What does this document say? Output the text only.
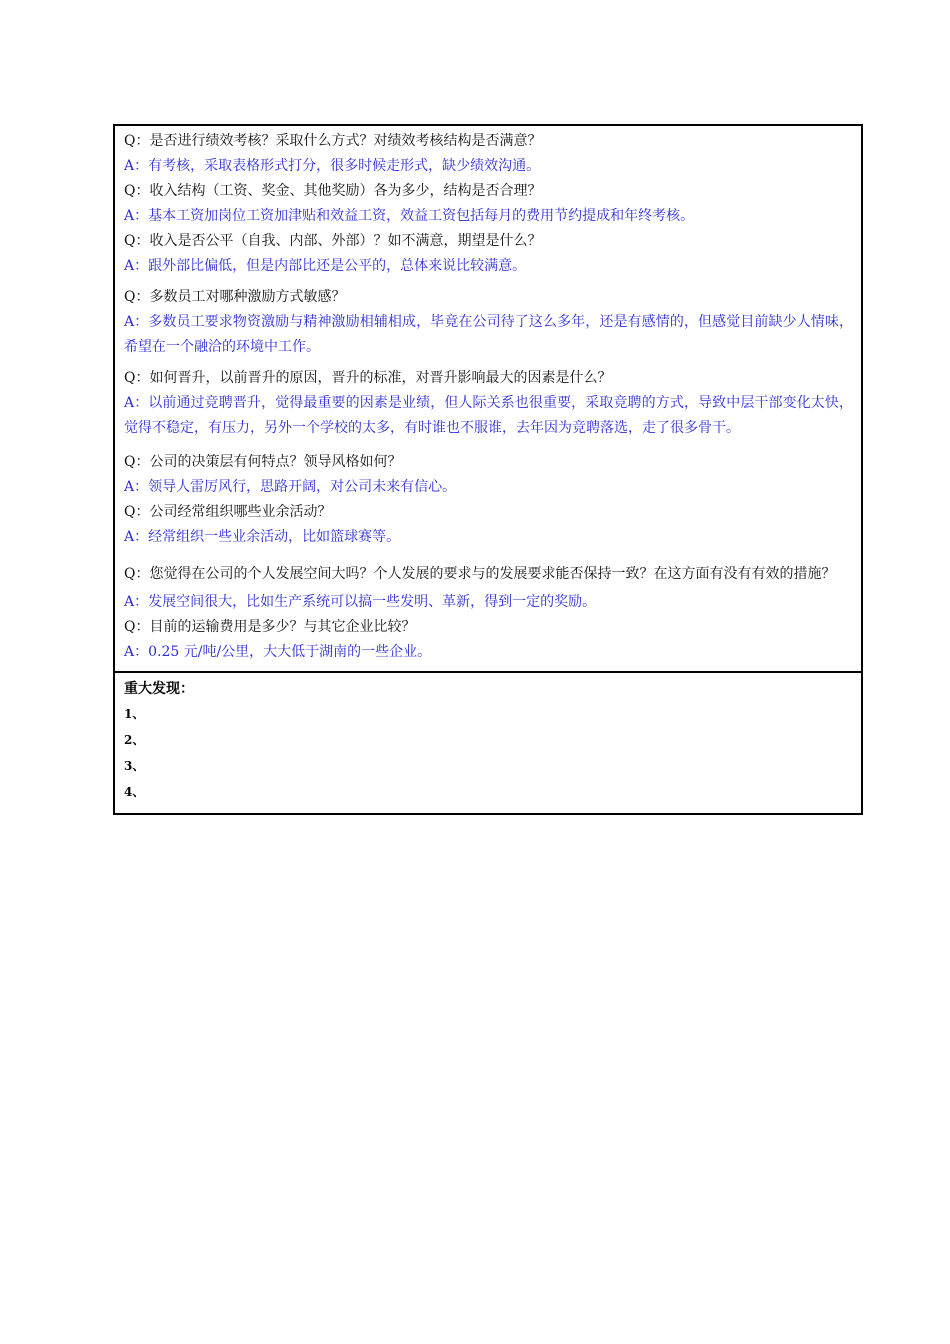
Q：是否进行绩效考核？采取什么方式？对绩效考核结构是否满意？
A：有考核，采取表格形式打分，很多时候走形式，缺少绩效沟通。
Q：收入结构（工资、奖金、其他奖励）各为多少，结构是否合理？
A：基本工资加岗位工资加津贴和效益工资，效益工资包括每月的费用节约提成和年终考核。
Q：收入是否公平（自我、内部、外部）？如不满意，期望是什么？
A：跟外部比偏低，但是内部比还是公平的，总体来说比较满意。
Q：多数员工对哪种激励方式敏感？
A：多数员工要求物资激励与精神激励相辅相成，毕竟在公司待了这么多年，还是有感情的，但感觉目前缺少人情味，希望在一个融洽的环境中工作。
Q：如何晋升，以前晋升的原因，晋升的标准，对晋升影响最大的因素是什么？
A：以前通过竞聘晋升，觉得最重要的因素是业绩，但人际关系也很重要，采取竞聘的方式，导致中层干部变化太快，觉得不稳定，有压力，另外一个学校的太多，有时谁也不服谁，去年因为竞聘落选，走了很多骨干。
Q：公司的决策层有何特点？领导风格如何？
A：领导人雷厉风行，思路开阔，对公司未来有信心。
Q：公司经常组织哪些业余活动？
A：经常组织一些业余活动，比如篮球赛等。
Q：您觉得在公司的个人发展空间大吗？个人发展的要求与的发展要求能否保持一致？在这方面有没有有效的措施？
A：发展空间很大，比如生产系统可以搞一些发明、革新，得到一定的奖励。
Q：目前的运输费用是多少？与其它企业比较？
A：0.25 元/吨/公里，大大低于湖南的一些企业。
重大发现：
1、
2、
3、
4、
